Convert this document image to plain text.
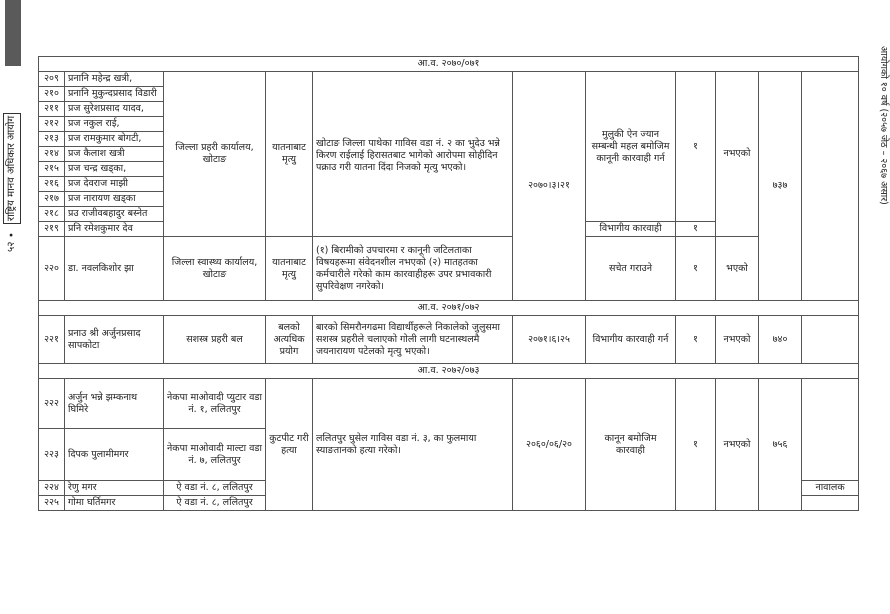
५२
•
राष्ट्रिय मानव अधिकार आयोग	आयोगको १० वर्ष (२०५७ जेठ – २०६७ असार)
आ.व. २०७०/०७१										
२०९	प्रनानि महेन्द्र खत्री,	जिल्ला प्रहरी कार्यालय, खोटाङ	यातनाबाट मृत्यु	खोटाङ जिल्ला पाथेका गाविस वडा नं. २ का भुदेउ भन्ने किरण राईलाई हिरासतबाट भागेको आरोपमा सोहीदिन पक्राउ गरी यातना दिंदा निजको मृत्यु भएको।	२०७०।३।२१	मुलुकी ऐन ज्यान सम्बन्धी महल बमोजिम कानूनी कारवाही गर्न	१	नभएको	७३७	
२१०	प्रनानि मुकुन्दप्रसाद विडारी									
२११	प्रज सुरेशप्रसाद यादव,									
२१२	प्रज नकुल राई,									
२१३	प्रज रामकुमार बोगटी,									
२१४	प्रज कैलाश खत्री									
२१५	प्रज चन्द्र खड्का,									
२१६	प्रज देवराज माझी									
२१७	प्रज नारायण खड्का									
२१८	प्रउ राजीवबहादुर बस्नेत									
२१९	प्रनि रमेशकुमार देव					विभागीय कारवाही	१			
२२०	डा. नवलकिशोर झा	जिल्ला स्वास्थ्य कार्यालय, खोटाङ	यातनाबाट मृत्यु	(१) बिरामीको उपचारमा र कानूनी जटिलताका विषयहरूमा संवेदनशील नभएको (२) मातहतका कर्मचारीले गरेको काम कारवाहीहरू उपर प्रभावकारी सुपरिवेक्षण नगरेको।		सचेत गराउने	१	भएको		
आ.व. २०७१/०७२										
२२१	प्रनाउ श्री अर्जुनप्रसाद सापकोटा	सशस्त्र प्रहरी बल	बलको अत्यधिक प्रयोग	बारको सिमरौनगढमा विद्यार्थीहरूले निकालेको जुलुसमा सशस्त्र प्रहरीले चलाएको गोली लागी घटनास्थलमै जयनारायण पटेलको मृत्यु भएको।	२०७१।६।२५	विभागीय कारवाही गर्न	१	नभएको	७४०	
आ.व. २०७२/०७३										
२२२	अर्जुन भन्ने झम्कनाथ घिमिरे	नेकपा माओवादी प्युटार वडा नं. १, ललितपुर	कुटपीट गरी हत्या	ललितपुर घुसेल गाविस वडा नं. ३, का फुलमाया स्याङतानको हत्या गरेको।	२०६०/०६/२०	कानून बमोजिम कारवाही	१	नभएको	७५६	
२२३	दिपक पुलामीमगर	नेकपा माओवादी माल्टा वडा नं. ७, ललितपुर								
२२४	रेणु मगर	ऐ वडा नं. ८, ललितपुर								नावालक
२२५	गोमा घर्तिमगर	ऐ वडा नं. ८, ललितपुर								
